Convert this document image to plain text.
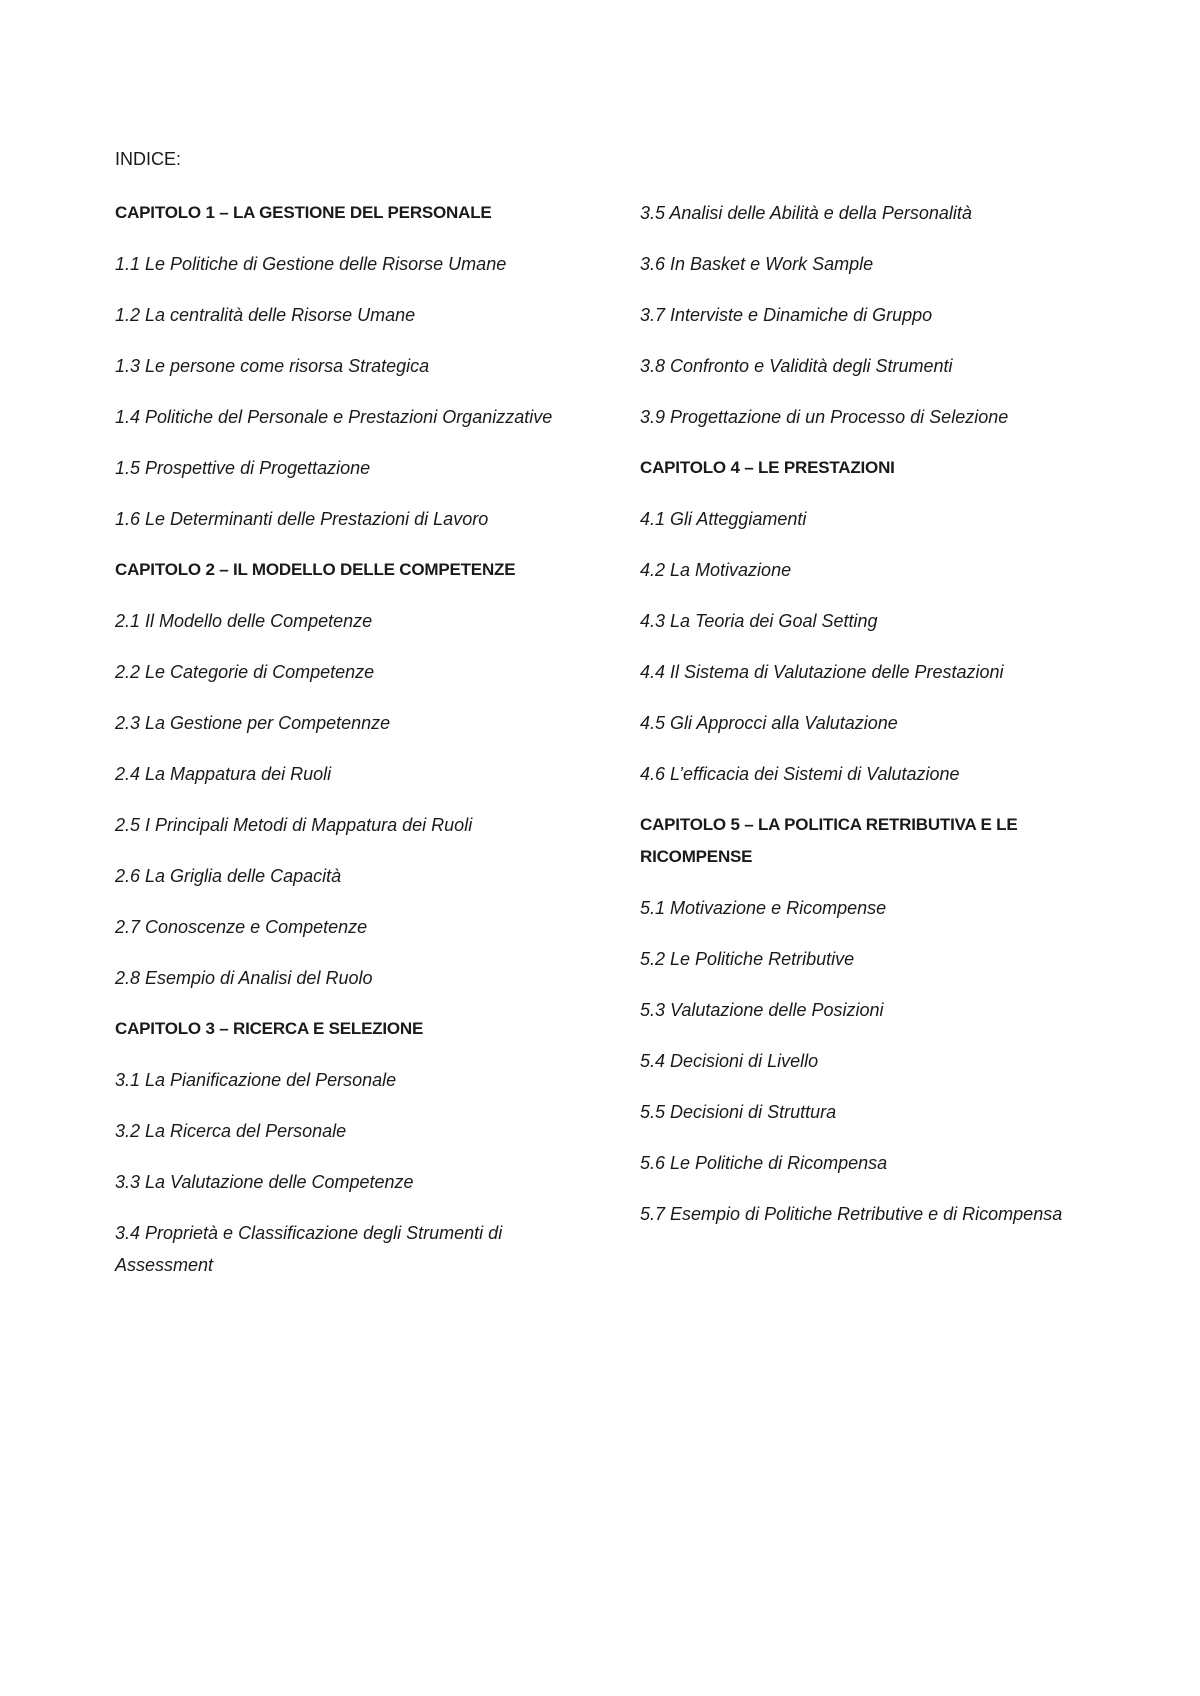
INDICE:

CAPITOLO 1 – LA GESTIONE DEL PERSONALE

1.1 Le Politiche di Gestione delle Risorse Umane

1.2 La centralità delle Risorse Umane

1.3 Le persone come risorsa Strategica

1.4 Politiche del Personale e Prestazioni Organizzative

1.5 Prospettive di Progettazione

1.6 Le Determinanti delle Prestazioni di Lavoro

CAPITOLO 2 – IL MODELLO DELLE COMPETENZE

2.1 Il Modello delle Competenze

2.2 Le Categorie di Competenze

2.3 La Gestione per Competennze

2.4 La Mappatura dei Ruoli

2.5 I Principali Metodi di Mappatura dei Ruoli

2.6 La Griglia delle Capacità

2.7 Conoscenze e Competenze

2.8 Esempio di Analisi del Ruolo

CAPITOLO 3 – RICERCA E SELEZIONE

3.1 La Pianificazione del Personale

3.2 La Ricerca del Personale

3.3 La Valutazione delle Competenze

3.4 Proprietà e Classificazione degli Strumenti di Assessment

3.5 Analisi delle Abilità e della Personalità

3.6 In Basket e Work Sample

3.7 Interviste e Dinamiche di Gruppo

3.8 Confronto e Validità degli Strumenti

3.9 Progettazione di un Processo di Selezione

CAPITOLO 4 – LE PRESTAZIONI

4.1 Gli Atteggiamenti

4.2 La Motivazione

4.3 La Teoria dei Goal Setting

4.4 Il Sistema di Valutazione delle Prestazioni

4.5 Gli Approcci alla Valutazione

4.6 L’efficacia dei Sistemi di Valutazione

CAPITOLO 5 – LA POLITICA RETRIBUTIVA E LE RICOMPENSE

5.1 Motivazione e Ricompense

5.2 Le Politiche Retributive

5.3 Valutazione delle Posizioni

5.4 Decisioni di Livello

5.5 Decisioni di Struttura

5.6 Le Politiche di Ricompensa

5.7 Esempio di Politiche Retributive e di Ricompensa
